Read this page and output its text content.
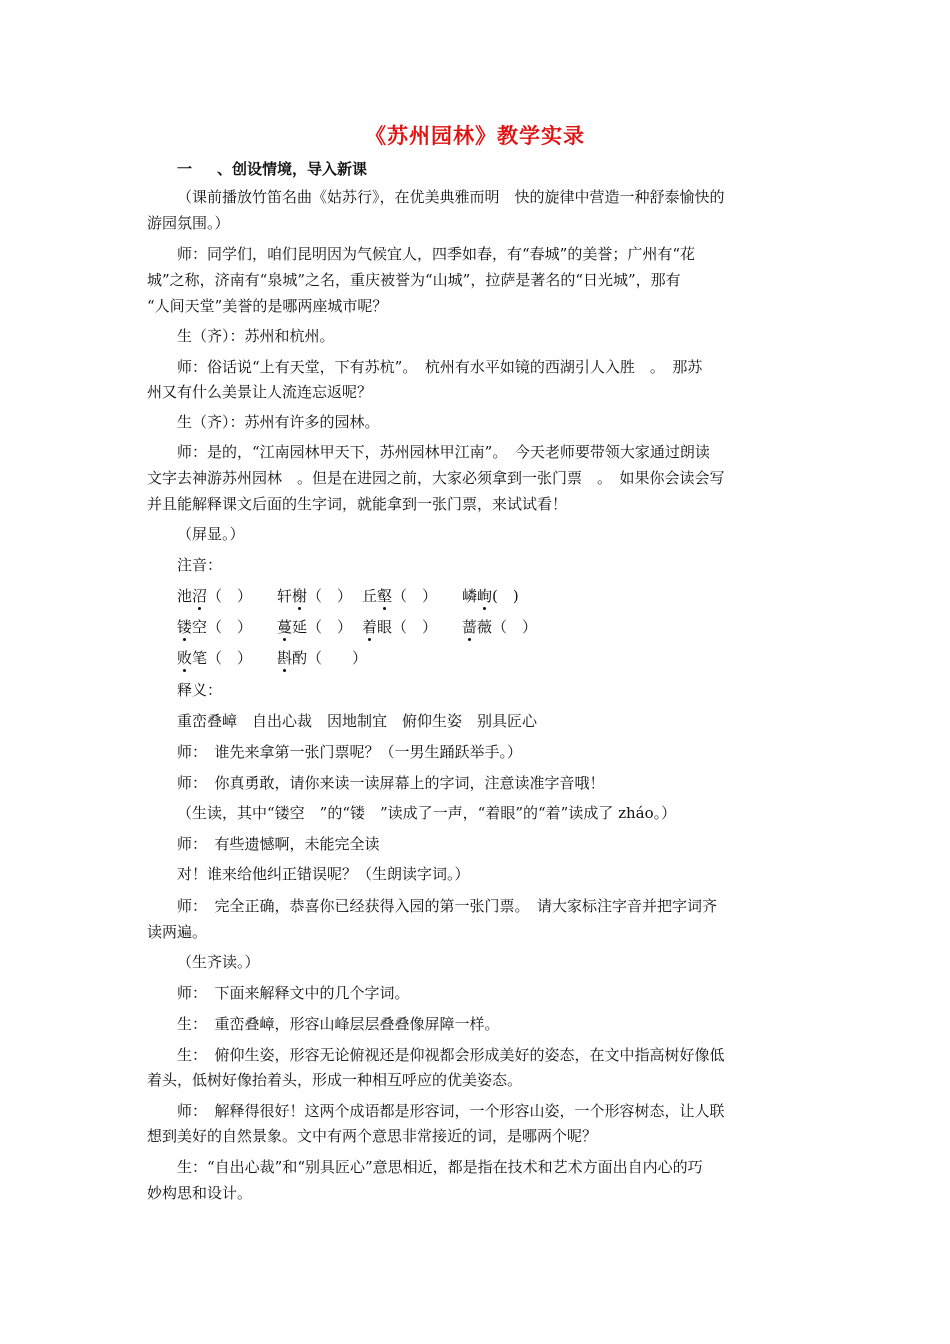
《苏州园林》教学实录
一 、创设情境，导入新课
（课前播放竹笛名曲《姑苏行》，在优美典雅而明　快的旋律中营造一种舒泰愉快的
游园氛围。）
师：同学们，咱们昆明因为气候宜人，四季如春，有“春城”的美誉；广州有“花
城”之称，济南有“泉城”之名，重庆被誉为“山城”，拉萨是著名的“日光城”，那有
“人间天堂”美誉的是哪两座城市呢？
生（齐）：苏州和杭州。
师：俗话说“上有天堂，下有苏杭”。　杭州有水平如镜的西湖引人入胜　。　那苏
州又有什么美景让人流连忘返呢？
生（齐）：苏州有许多的园林。
师：是的，“江南园林甲天下，苏州园林甲江南”。　今天老师要带领大家通过朗读
文字去神游苏州园林　。但是在进园之前，大家必须拿到一张门票　。　如果你会读会写
并且能解释课文后面的生字词，就能拿到一张门票，来试试看！
（屏显。）
注音：
池沼（　） 轩榭（　） 丘壑（　） 嶙峋(　)
镂空（　） 蔓延（　） 着眼（　） 蔷薇（　）
败笔（　） 斟酌（　　）
释义：
重峦叠嶂　自出心裁　因地制宜　俯仰生姿　别具匠心
师：　谁先来拿第一张门票呢？（一男生踊跃举手。）
师：　你真勇敢，请你来读一读屏幕上的字词，注意读准字音哦！
（生读，其中“镂空　”的“镂　”读成了一声，“着眼”的“着”读成了 zháo。）
师：　有些遗憾啊，未能完全读
对！谁来给他纠正错误呢？（生朗读字词。）
师：　完全正确，恭喜你已经获得入园的第一张门票。　请大家标注字音并把字词齐
读两遍。
（生齐读。）
师：　下面来解释文中的几个字词。
生：　重峦叠嶂，形容山峰层层叠叠像屏障一样。
生：　俯仰生姿，形容无论俯视还是仰视都会形成美好的姿态，在文中指高树好像低
着头，低树好像抬着头，形成一种相互呼应的优美姿态。
师：　解释得很好！这两个成语都是形容词，一个形容山姿，一个形容树态，让人联
想到美好的自然景象。文中有两个意思非常接近的词，是哪两个呢？
生：“自出心裁”和“别具匠心”意思相近，都是指在技术和艺术方面出自内心的巧
妙构思和设计。
